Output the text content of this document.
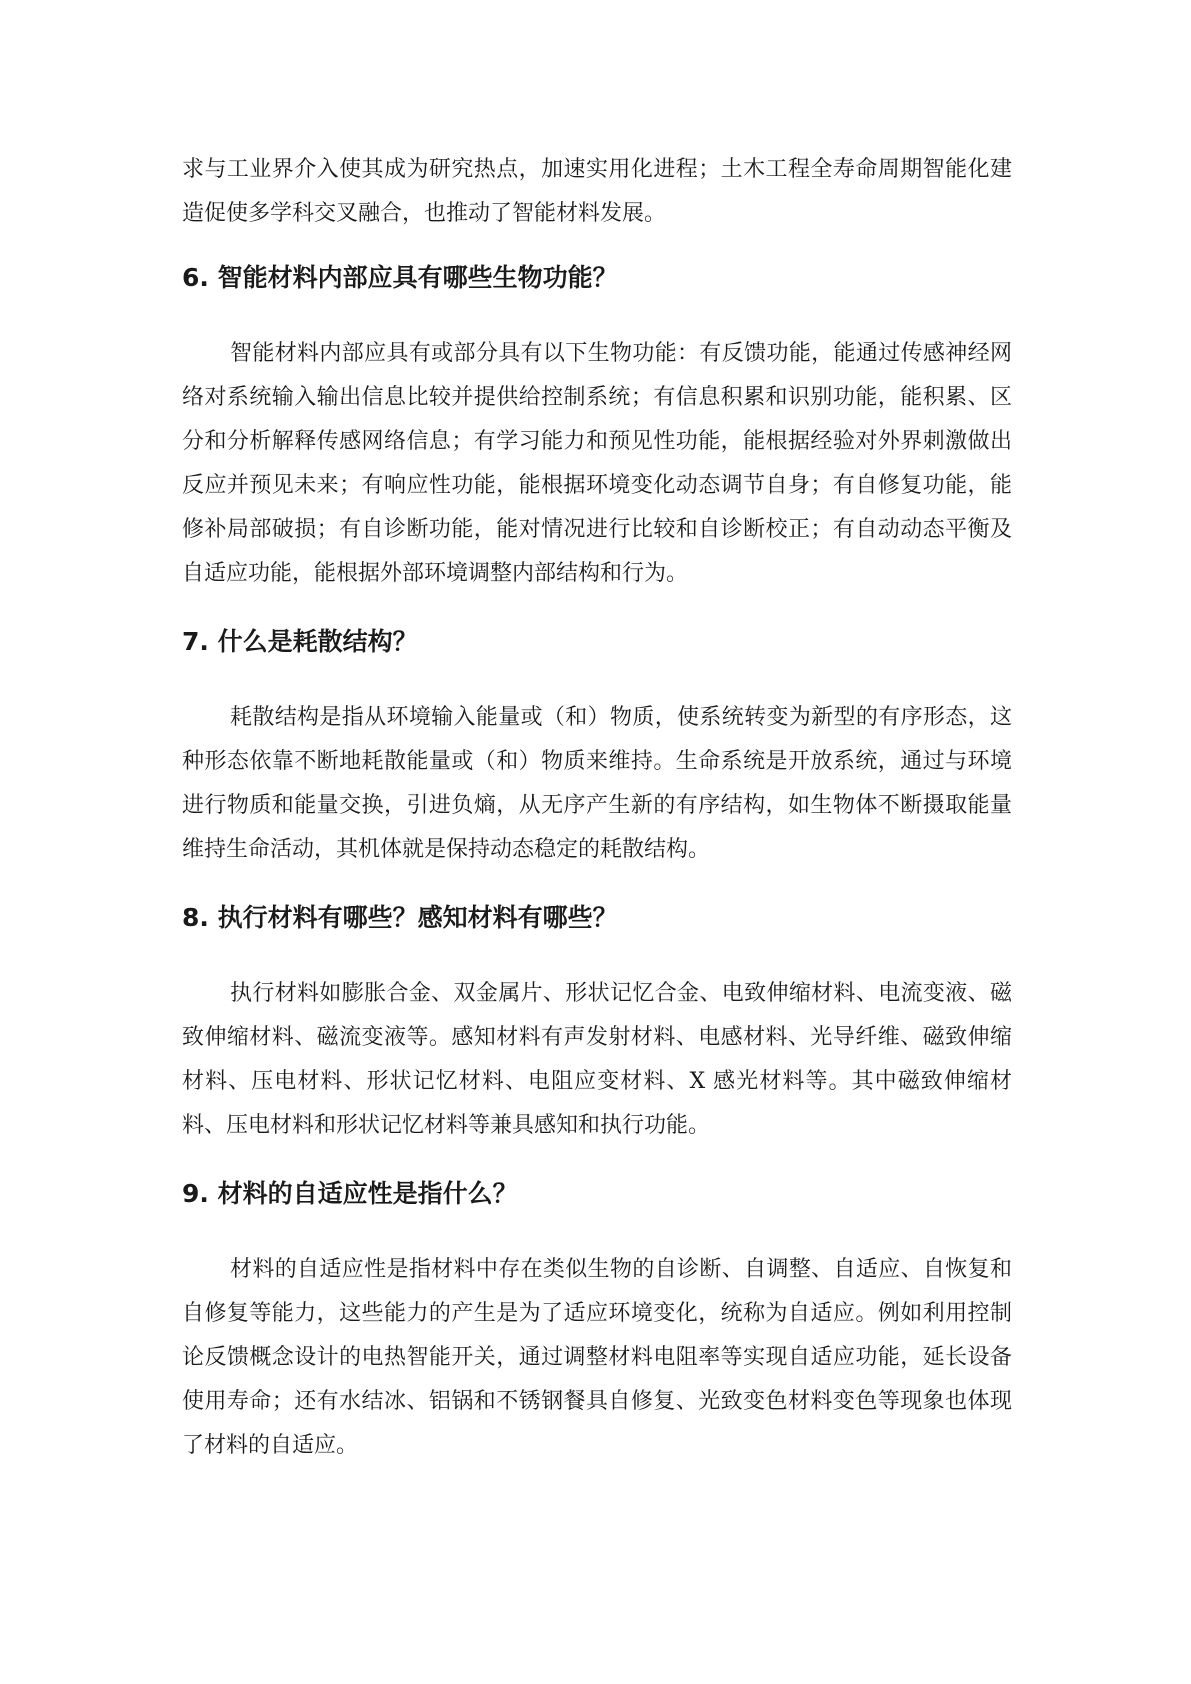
求与工业界介入使其成为研究热点，加速实用化进程；土木工程全寿命周期智能化建造促使多学科交叉融合，也推动了智能材料发展。

6. 智能材料内部应具有哪些生物功能？

智能材料内部应具有或部分具有以下生物功能：有反馈功能，能通过传感神经网络对系统输入输出信息比较并提供给控制系统；有信息积累和识别功能，能积累、区分和分析解释传感网络信息；有学习能力和预见性功能，能根据经验对外界刺激做出反应并预见未来；有响应性功能，能根据环境变化动态调节自身；有自修复功能，能修补局部破损；有自诊断功能，能对情况进行比较和自诊断校正；有自动动态平衡及自适应功能，能根据外部环境调整内部结构和行为。

7. 什么是耗散结构？

耗散结构是指从环境输入能量或（和）物质，使系统转变为新型的有序形态，这种形态依靠不断地耗散能量或（和）物质来维持。生命系统是开放系统，通过与环境进行物质和能量交换，引进负熵，从无序产生新的有序结构，如生物体不断摄取能量维持生命活动，其机体就是保持动态稳定的耗散结构。

8. 执行材料有哪些？感知材料有哪些？

执行材料如膨胀合金、双金属片、形状记忆合金、电致伸缩材料、电流变液、磁致伸缩材料、磁流变液等。感知材料有声发射材料、电感材料、光导纤维、磁致伸缩材料、压电材料、形状记忆材料、电阻应变材料、X 感光材料等。其中磁致伸缩材料、压电材料和形状记忆材料等兼具感知和执行功能。

9. 材料的自适应性是指什么？

材料的自适应性是指材料中存在类似生物的自诊断、自调整、自适应、自恢复和自修复等能力，这些能力的产生是为了适应环境变化，统称为自适应。例如利用控制论反馈概念设计的电热智能开关，通过调整材料电阻率等实现自适应功能，延长设备使用寿命；还有水结冰、铝锅和不锈钢餐具自修复、光致变色材料变色等现象也体现了材料的自适应。
